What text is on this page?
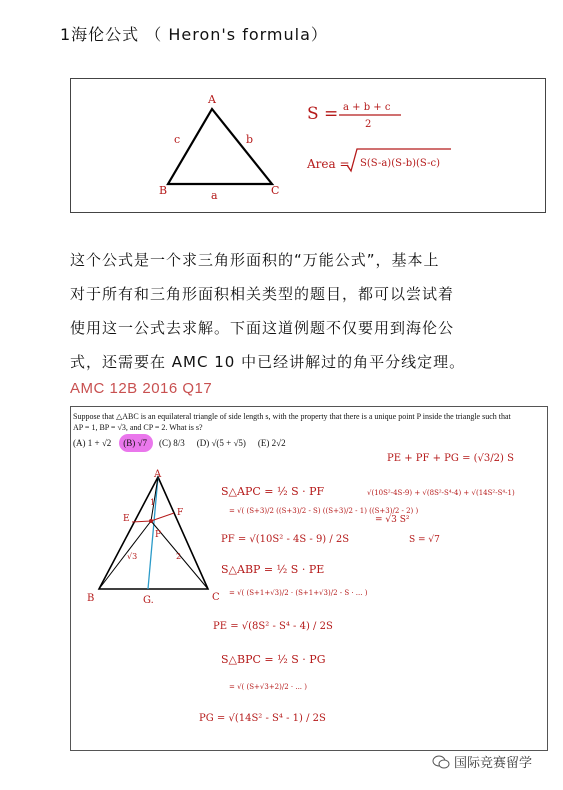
1海伦公式 （ Heron's formula）
A
B	C
a
b
c
S = a + b + c
2
Area = S(S-a)(S-b)(S-c)

这个公式是一个求三角形面积的“万能公式”，基本上

对于所有和三角形面积相关类型的题目，都可以尝试着

使用这一公式去求解。下面这道例题不仅要用到海伦公

式，还需要在 AMC 10 中已经讲解过的角平分线定理。

AMC 12B 2016 Q17
Suppose that △ABC is an equilateral triangle of side length s, with the property that there is a unique point P inside the triangle such that
AP = 1, BP = √3, and CP = 2. What is s?
(A) 1 + √2 (B) √7 (C) 8/3 (D) √(5 + √5) (E) 2√2
A
B	C
E
F
P
G.
1
√3	2
S△APC = ½ S · PF
= √( (S+3)/2 ((S+3)/2 - S) ((S+3)/2 - 1) ((S+3)/2 - 2) )
PF = √(10S² - 4S - 9) / 2S
S△ABP = ½ S · PE
= √( (S+1+√3)/2 · (S+1+√3)/2 - S · ... )
PE = √(8S² - S⁴ - 4) / 2S
S△BPC = ½ S · PG
= √( (S+√3+2)/2 · ... )
PG = √(14S² - S⁴ - 1) / 2S
PE + PF + PG = (√3/2) S
√(10S²-4S-9) + √(8S²-S⁴-4) + √(14S²-S⁴-1)
= √3 S²
S = √7
国际竞赛留学
